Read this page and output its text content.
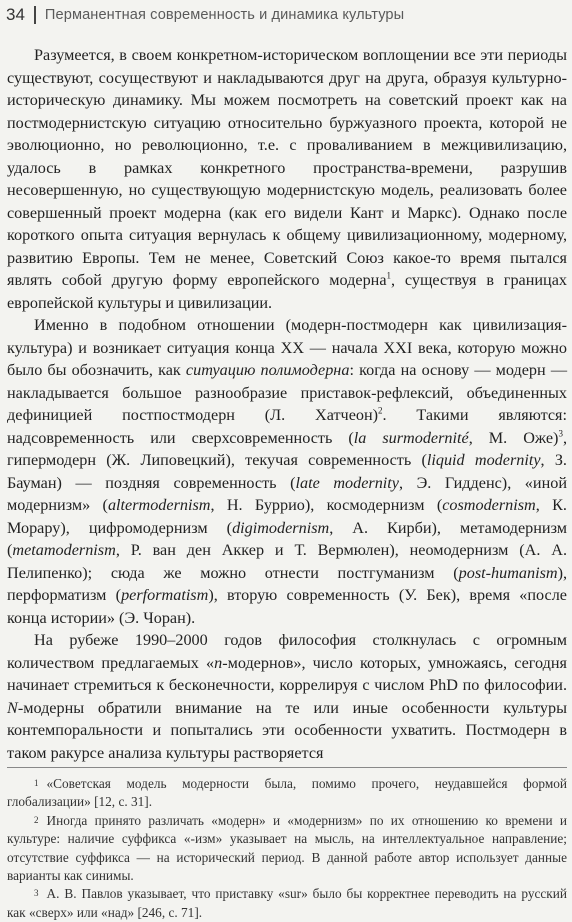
34 Перманентная современность и динамика культуры

Разумеется, в своем конкретном-историческом воплощении все эти периоды существуют, сосуществуют и накладываются друг на друга, образуя культурно-историческую динамику. Мы можем посмотреть на советский проект как на постмодернистскую ситуацию относительно буржуазного проекта, которой не эволюционно, но революционно, т.е. с проваливанием в межцивилизацию, удалось в рамках конкретного пространства-времени, разрушив несовершенную, но существующую модернистскую модель, реализовать более совершенный проект модерна (как его видели Кант и Маркс). Однако после короткого опыта ситуация вернулась к общему цивилизационному, модерному, развитию Европы. Тем не менее, Советский Союз какое-то время пытался являть собой другую форму европейского модерна$^1$, существуя в границах европейской культуры и цивилизации.

Именно в подобном отношении (модерн-постмодерн как цивилизация-культура) и возникает ситуация конца XX — начала XXI века, которую можно было бы обозначить, как ситуацию полимодерна: когда на основу — модерн — накладывается большое разнообразие приставок-рефлексий, объединенных дефиницией постпостмодерн (Л. Хатчеон)$^2$. Такими являются: надсовременность или сверхсовременность (la surmodernité, М. Оже)$^3$, гипермодерн (Ж. Липовецкий), текучая современность (liquid modernity, З. Бауман) — поздняя современность (late modernity, Э. Гидденс), «иной модернизм» (altermodernism, Н. Буррио), космодернизм (cosmodernism, К. Морару), цифромодернизм (digimodernism, А. Кирби), метамодернизм (metamodernism, Р. ван ден Аккер и Т. Вермюлен), неомодернизм (А. А. Пелипенко); сюда же можно отнести постгуманизм (post-humanism), перформатизм (performatism), вторую современность (У. Бек), время «после конца истории» (Э. Чоран).

На рубеже 1990–2000 годов философия столкнулась с огромным количеством предлагаемых «n-модернов», число которых, умножаясь, сегодня начинает стремиться к бесконечности, коррелируя с числом PhD по философии. N-модерны обратили внимание на те или иные особенности культуры контемпоральности и попытались эти особенности ухватить. Постмодерн в таком ракурсе анализа культуры растворяется

$^1$ «Советская модель модерности была, помимо прочего, неудавшейся формой глобализации» [12, с. 31].

$^2$ Иногда принято различать «модерн» и «модернизм» по их отношению ко времени и культуре: наличие суффикса «-изм» указывает на мысль, на интеллектуальное направление; отсутствие суффикса — на исторический период. В данной работе автор использует данные варианты как синимы.

$^3$ А. В. Павлов указывает, что приставку «sur» было бы корректнее переводить на русский как «сверх» или «над» [246, с. 71].
